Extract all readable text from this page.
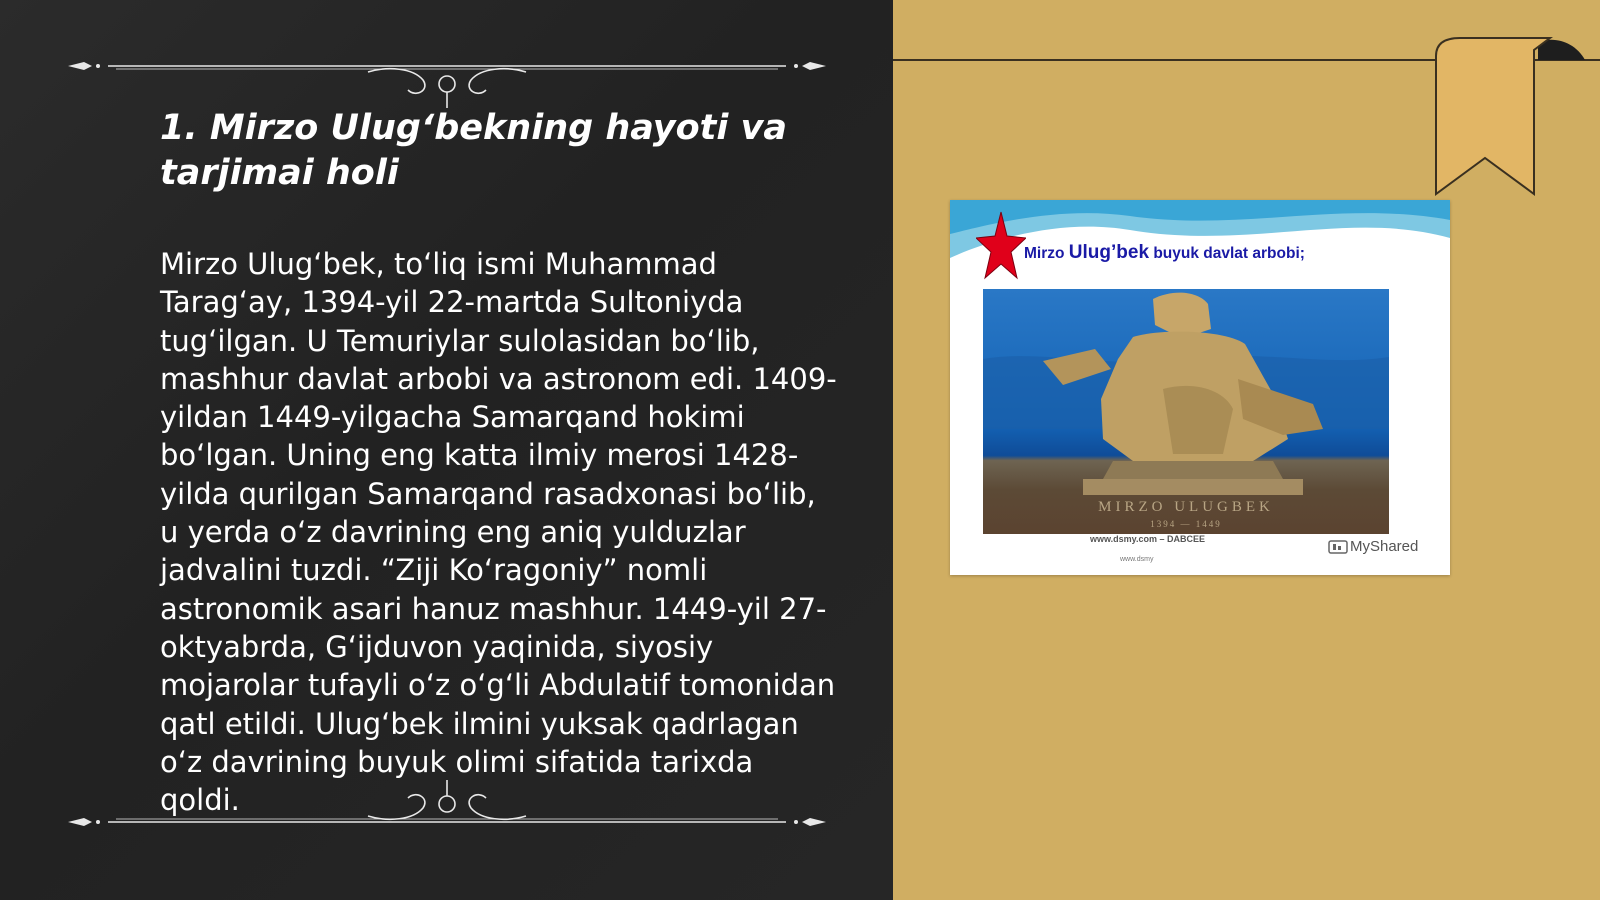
1. Mirzo Ulug‘bekning hayoti va tarjimai holi

Mirzo Ulug‘bek, to‘liq ismi Muhammad Tarag‘ay, 1394-yil 22-martda Sultoniyda tug‘ilgan. U Temuriylar sulolasidan bo‘lib, mashhur davlat arbobi va astronom edi. 1409-yildan 1449-yilgacha Samarqand hokimi bo‘lgan. Uning eng katta ilmiy merosi 1428-yilda qurilgan Samarqand rasadxonasi bo‘lib, u yerda o‘z davrining eng aniq yulduzlar jadvalini tuzdi. “Ziji Ko‘ragoniy” nomli astronomik asari hanuz mashhur. 1449-yil 27-oktyabrda, G‘ijduvon yaqinida, siyosiy mojarolar tufayli o‘z o‘g‘li Abdulatif tomonidan qatl etildi. Ulug‘bek ilmini yuksak qadrlagan o‘z davrining buyuk olimi sifatida tarixda qoldi.

Mirzo Ulug’bek buyuk davlat arbobi;
MIRZO ULUGBEK
1394 — 1449
www.dsmy.com – DABCEE
www.dsmy
MyShared
